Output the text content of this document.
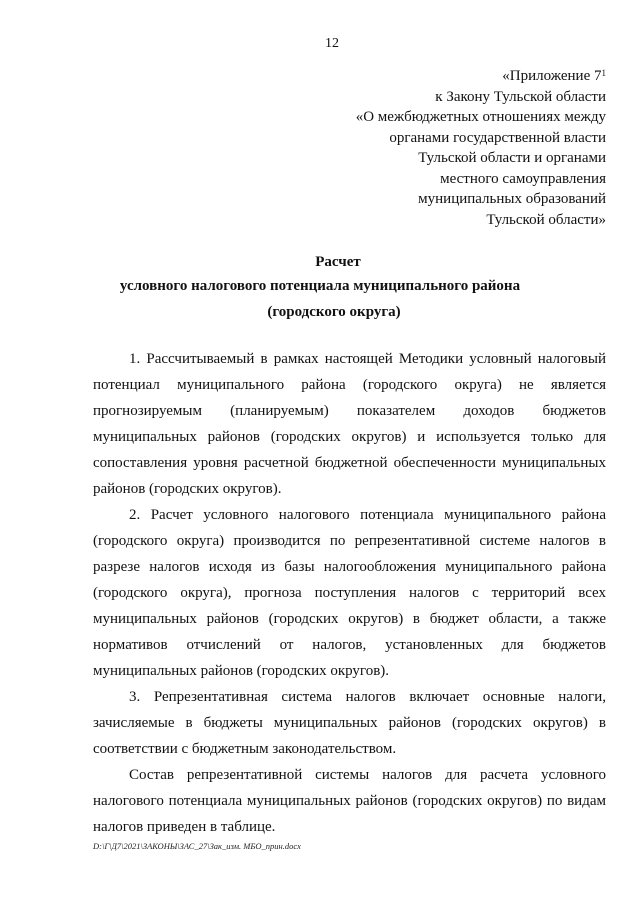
12
«Приложение $7^1$
к Закону Тульской области
«О межбюджетных отношениях между
органами государственной власти
Тульской области и органами
местного самоуправления
муниципальных образований
Тульской области»
Расчет
условного налогового потенциала муниципального района
(городского округа)

1. Рассчитываемый в рамках настоящей Методики условный налоговый потенциал муниципального района (городского округа) не является прогнозируемым (планируемым) показателем доходов бюджетов муниципальных районов (городских округов) и используется только для сопоставления уровня расчетной бюджетной обеспеченности муниципальных районов (городских округов).

2. Расчет условного налогового потенциала муниципального района (городского округа) производится по репрезентативной системе налогов в разрезе налогов исходя из базы налогообложения муниципального района (городского округа), прогноза поступления налогов с территорий всех муниципальных районов (городских округов) в бюджет области, а также нормативов отчислений от налогов, установленных для бюджетов муниципальных районов (городских округов).

3. Репрезентативная система налогов включает основные налоги, зачисляемые в бюджеты муниципальных районов (городских округов) в соответствии с бюджетным законодательством.

Состав репрезентативной системы налогов для расчета условного налогового потенциала муниципальных районов (городских округов) по видам налогов приведен в таблице.

D:\Г\Д7\2021\ЗАКОНЫ\ЗАС_27\Зак_изм. МБО_прин.docx
